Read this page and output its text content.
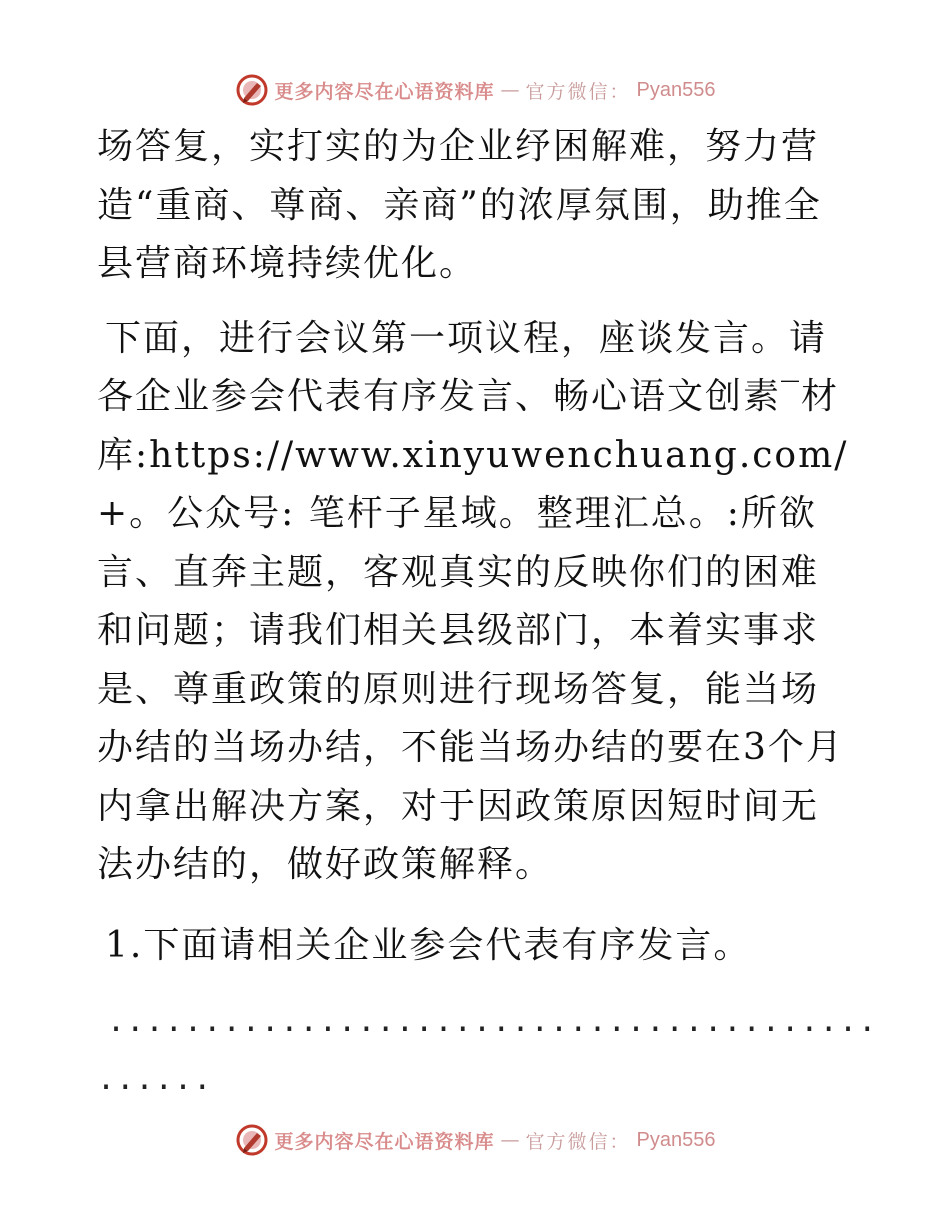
更多内容尽在心语资料库 — 官方微信： Pyan556

场答复，实打实的为企业纾困解难，努力营造“重商、尊商、亲商”的浓厚氛围，助推全县营商环境持续优化。

下面，进行会议第一项议程，座谈发言。请各企业参会代表有序发言、畅心语文创素‾材库:https://www.xinyuwenchuang.com/+。公众号: 笔杆子星域。整理汇总。:所欲言、直奔主题，客观真实的反映你们的困难和问题；请我们相关县级部门，本着实事求是、尊重政策的原则进行现场答复，能当场办结的当场办结，不能当场办结的要在3个月内拿出解决方案，对于因政策原因短时间无法办结的，做好政策解释。

1.下面请相关企业参会代表有序发言。

........................................
......
更多内容尽在心语资料库 — 官方微信： Pyan556
